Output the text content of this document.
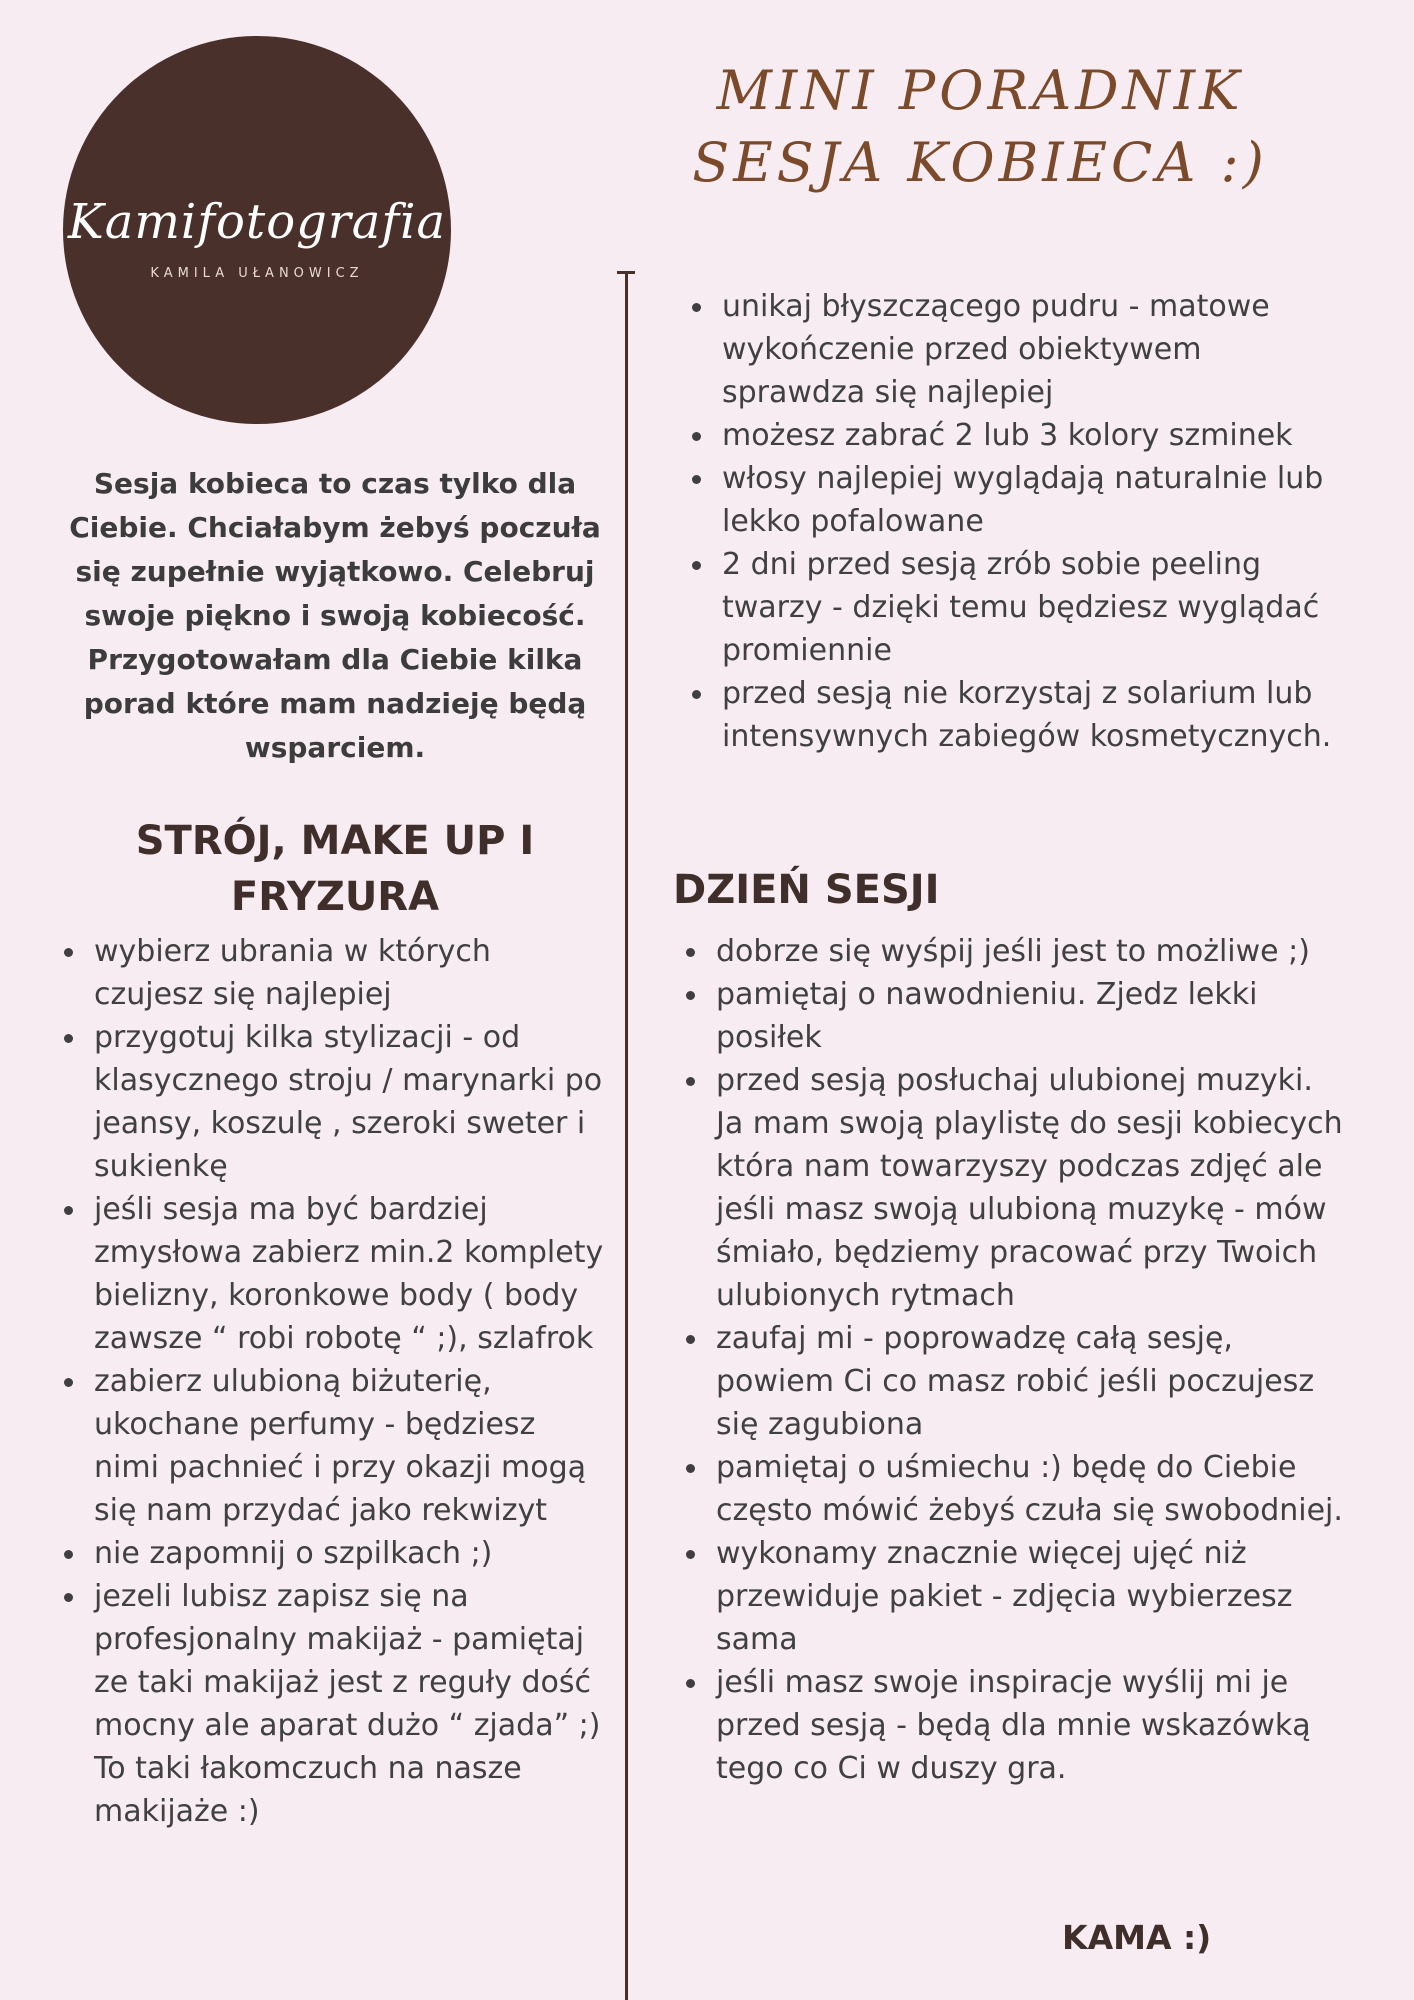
Kamifotografia
KAMILA UŁANOWICZ
MINI PORADNIK
SESJA KOBIECA :)
Sesja kobieca to czas tylko dla Ciebie. Chciałabym żebyś poczuła się zupełnie wyjątkowo. Celebruj swoje piękno i swoją kobiecość. Przygotowałam dla Ciebie kilka porad które mam nadzieję będą wsparciem.
STRÓJ, MAKE UP I FRYZURA
wybierz ubrania w których czujesz się najlepiej
przygotuj kilka stylizacji - od klasycznego stroju / marynarki po jeansy, koszulę , szeroki sweter i sukienkę
jeśli sesja ma być bardziej zmysłowa zabierz min.2 komplety bielizny, koronkowe body ( body zawsze “ robi robotę “ ;), szlafrok
zabierz ulubioną biżuterię, ukochane perfumy - będziesz nimi pachnieć i przy okazji mogą się nam przydać jako rekwizyt
nie zapomnij o szpilkach ;)
jezeli lubisz zapisz się na profesjonalny makijaż - pamiętaj ze taki makijaż jest z reguły dość mocny ale aparat dużo “ zjada” ;) To taki łakomczuch na nasze makijaże :)
unikaj błyszczącego pudru - matowe wykończenie przed obiektywem sprawdza się najlepiej
możesz zabrać 2 lub 3 kolory szminek
włosy najlepiej wyglądają naturalnie lub lekko pofalowane
2 dni przed sesją zrób sobie peeling twarzy - dzięki temu będziesz wyglądać promiennie
przed sesją nie korzystaj z solarium lub intensywnych zabiegów kosmetycznych.
DZIEŃ SESJI
dobrze się wyśpij jeśli jest to możliwe ;)
pamiętaj o nawodnieniu. Zjedz lekki posiłek
przed sesją posłuchaj ulubionej muzyki. Ja mam swoją playlistę do sesji kobiecych która nam towarzyszy podczas zdjęć ale jeśli masz swoją ulubioną muzykę - mów śmiało, będziemy pracować przy Twoich ulubionych rytmach
zaufaj mi - poprowadzę całą sesję, powiem Ci co masz robić jeśli poczujesz się zagubiona
pamiętaj o uśmiechu :) będę do Ciebie często mówić żebyś czuła się swobodniej.
wykonamy znacznie więcej ujęć niż przewiduje pakiet - zdjęcia wybierzesz sama
jeśli masz swoje inspiracje wyślij mi je przed sesją - będą dla mnie wskazówką tego co Ci w duszy gra.
KAMA :)
